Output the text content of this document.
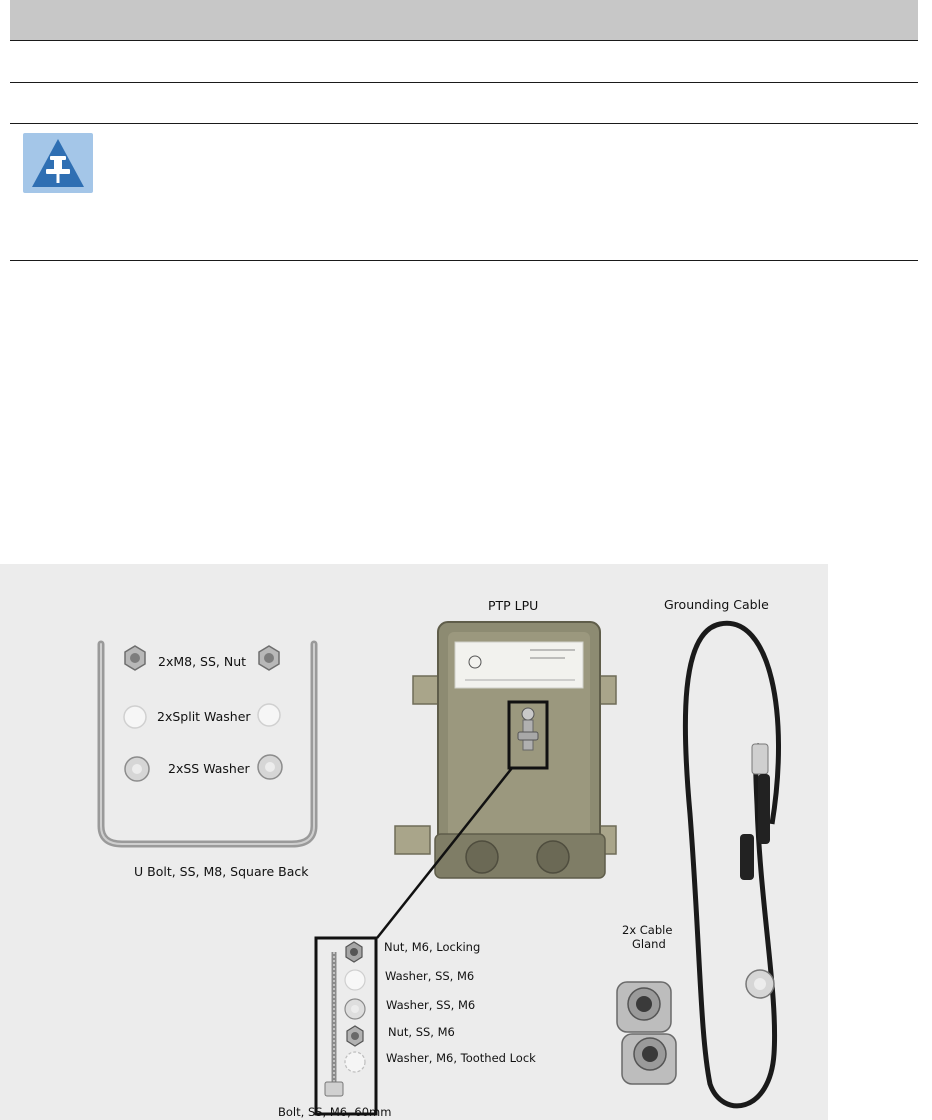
PTP LPU	Grounding Cable
2xM8, SS, Nut
2xSplit Washer
2xSS Washer
U Bolt, SS, M8, Square Back
2x Cable
Gland
Nut, M6, Locking
Washer, SS, M6
Washer, SS, M6
Nut, SS, M6
Washer, M6, Toothed Lock
Bolt, SS, M6, 60mm
